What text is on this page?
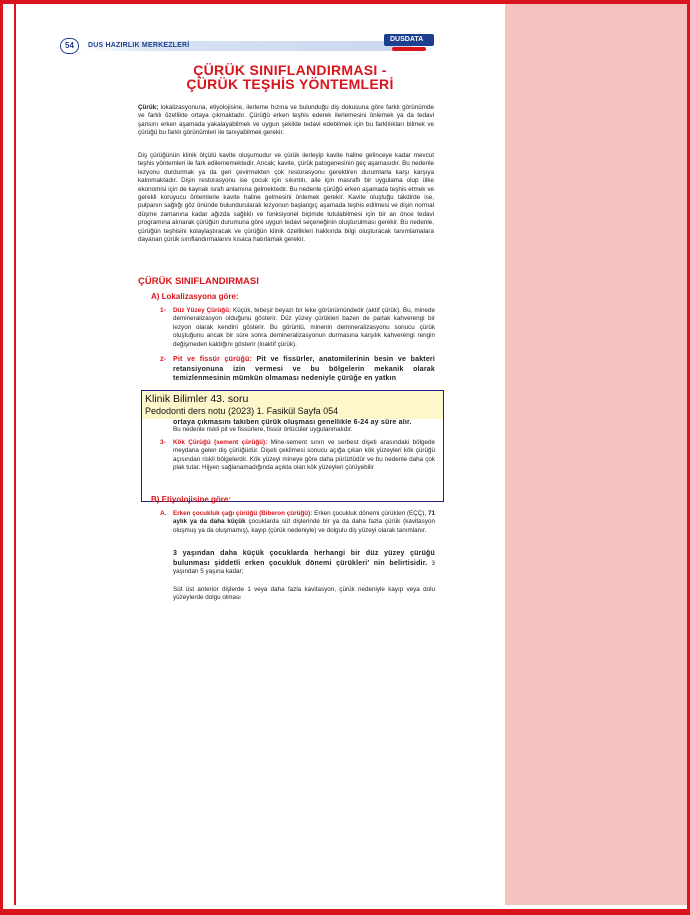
54	DUS HAZIRLIK MERKEZLERİ
DUSDATA
ÇÜRÜK SINIFLANDIRMASI -
ÇÜRÜK TEŞHİS YÖNTEMLERİ
Çürük; lokalizasyonuna, etiyolojisine, ilerleme hızına ve bulunduğu diş dokusuna göre farklı görünümde ve farklı özellikte ortaya çıkmaktadır. Çürüğü erken teşhis ederek ilerlemesini önlemek ya da tedavi şansını erken aşamada yakalayabilmek ve uygun şekilde tedavi edebilmek için bu farklılıkları bilmek ve çürüğü bu farklı görünümleri ile tanıyabilmek gerekir.
Diş çürüğünün klinik ölçütü kavite oluşumudur ve çürük ilerleyip kavite haline gelinceye kadar mevcut teşhis yöntemleri ile fark edilememektedir. Ancak; kavite, çürük patogenesinin geç aşamasıdır. Bu nedenle lezyonu durdurmak ya da geri çevirmekten çok restorasyonu gerektiren durumlarla karşı karşıya kalınmaktadır. Dişin restorasyonu ise çocuk için sıkıntılı, aile için masraflı bir uygulama olup ülke ekonomisi için de kaynak israfı anlamına gelmektedir. Bu nedenle çürüğü erken aşamada teşhis etmek ve gerekli koruyucu önlemlerle kavite haline gelmesini önlemek gerekir. Kavite oluştuğu takdirde ise, pulpanın sağlığı göz önünde bulundurularak lezyonun başlangıç aşamada teşhis edilmesi ve dişin normal düşme zamanına kadar ağızda sağlıklı ve fonksiyonel biçimde tutulabilmesi için bir an önce tedavi programına alınarak çürüğün durumuna göre uygun tedavi seçeneğinin oluşturulması gerekir. Bu nedenle, çürüğün teşhisini kolaylaştıracak ve çürüğün klinik özellikleri hakkında bilgi oluşturacak tanımlamalara dayanan çürük sınıflandırmalarını kısaca hatırlamak gerekir.
ÇÜRÜK SINIFLANDIRMASI
A) Lokalizasyona göre:
1- Düz Yüzey Çürüğü: Küçük, tebeşir beyazı bir leke görünümündedir (aktif çürük). Bu, minede demineralizasyon olduğunu gösterir. Düz yüzey çürükleri bazen de parlak kahverengi bir lezyon olarak kendini gösterir. Bu görüntü, minenin demineralizasyonu sonucu çürük oluştuğunu ancak bir süre sonra demineralizasyonun durmasına karşılık kahverengi rengin değişmeden kaldığını gösterir (inaktif çürük).
2- Pit ve fissür çürüğü: Pit ve fissürler, anatomilerinin besin ve bakteri retansiyonuna izin vermesi ve bu bölgelerin mekanik olarak temizlenmesinin mümkün olmaması nedeniyle çürüğe en yatkın
ortaya çıkmasını takiben çürük oluşması genellikle 6-24 ay süre alır.
Bu nedenle riskli pit ve fissürlere, fissür örtücüler uygulanmalıdır.
3- Kök Çürüğü (sement çürüğü): Mine-sement sınırı ve serbest dişeti arasındaki bölgede meydana gelen diş çürüğüdür. Dişeti çekilmesi sonucu açığa çıkan kök yüzeyleri kök çürüğü açısından riskli bölgelerdir. Kök yüzeyi mineye göre daha pürüzlüdür ve bu nedenle daha çok plak tutar. Hijyen sağlanamadığında açıkta olan kök yüzeyleri çürüyebilir
Klinik Bilimler 43. soru
Pedodonti ders notu (2023) 1. Fasikül Sayfa 054
B) Etiyolojisine göre:
A. Erken çocukluk çağı çürüğü (Biberon çürüğü): Erken çocukluk dönemi çürükleri (EÇÇ), 71 aylık ya da daha küçük çocuklarda süt dişlerinde bir ya da daha fazla çürük (kavitasyon oluşmuş ya da oluşmamış), kayıp (çürük nedeniyle) ve dolgulu diş yüzeyi olarak tanımlanır.
3 yaşından daha küçük çocuklarda herhangi bir düz yüzey çürüğü bulunması şiddetli erken çocukluk dönemi çürükleri' nin belirtisidir. 3 yaşından 5 yaşına kadar;
Süt üst anterior dişlerde 1 veya daha fazla kavitasyon, çürük nedeniyle kayıp veya dolu yüzeylerde dolgu olması
